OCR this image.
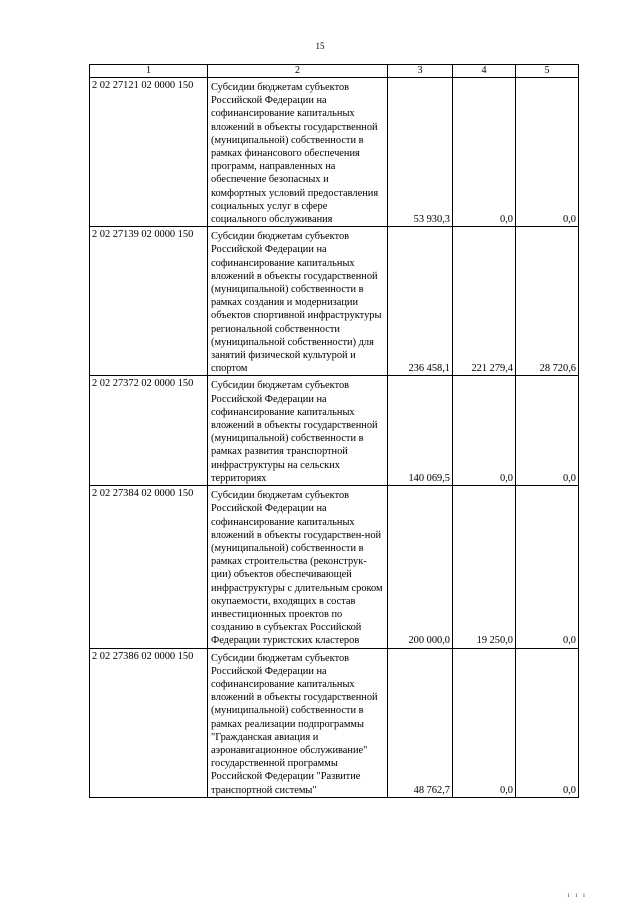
15
1	2	3	4	5
2 02 27121 02 0000 150	Субсидии бюджетам субъектов Российской Федерации на софинансирование капитальных вложений в объекты государственной (муниципальной) собственности в рамках финансового обеспечения программ, направленных на обеспечение безопасных и комфортных условий предоставления социальных услуг в сфере социального обслуживания	53 930,3	0,0	0,0
2 02 27139 02 0000 150	Субсидии бюджетам субъектов Российской Федерации на софинансирование капитальных вложений в объекты государственной (муниципальной) собственности в рамках создания и модернизации объектов спортивной инфраструктуры региональной собственности (муниципальной собственности) для занятий физической культурой и спортом	236 458,1	221 279,4	28 720,6
2 02 27372 02 0000 150	Субсидии бюджетам субъектов Российской Федерации на софинансирование капитальных вложений в объекты государственной (муниципальной) собственности в рамках развития транспортной инфраструктуры на сельских территориях	140 069,5	0,0	0,0
2 02 27384 02 0000 150	Субсидии бюджетам субъектов Российской Федерации на софинансирование капитальных вложений в объекты государствен-ной (муниципальной) собственности в рамках строительства (реконструк-ции) объектов обеспечивающей инфраструктуры с длительным сроком окупаемости, входящих в состав инвестиционных проектов по созданию в субъектах Российской Федерации туристских кластеров	200 000,0	19 250,0	0,0
2 02 27386 02 0000 150	Субсидии бюджетам субъектов Российской Федерации на софинансирование капитальных вложений в объекты государственной (муниципальной) собственности в рамках реализации подпрограммы "Гражданская авиация и аэронавигационное обслуживание" государственной программы Российской Федерации "Развитие транспортной системы"	48 762,7	0,0	0,0
ı ı ı
